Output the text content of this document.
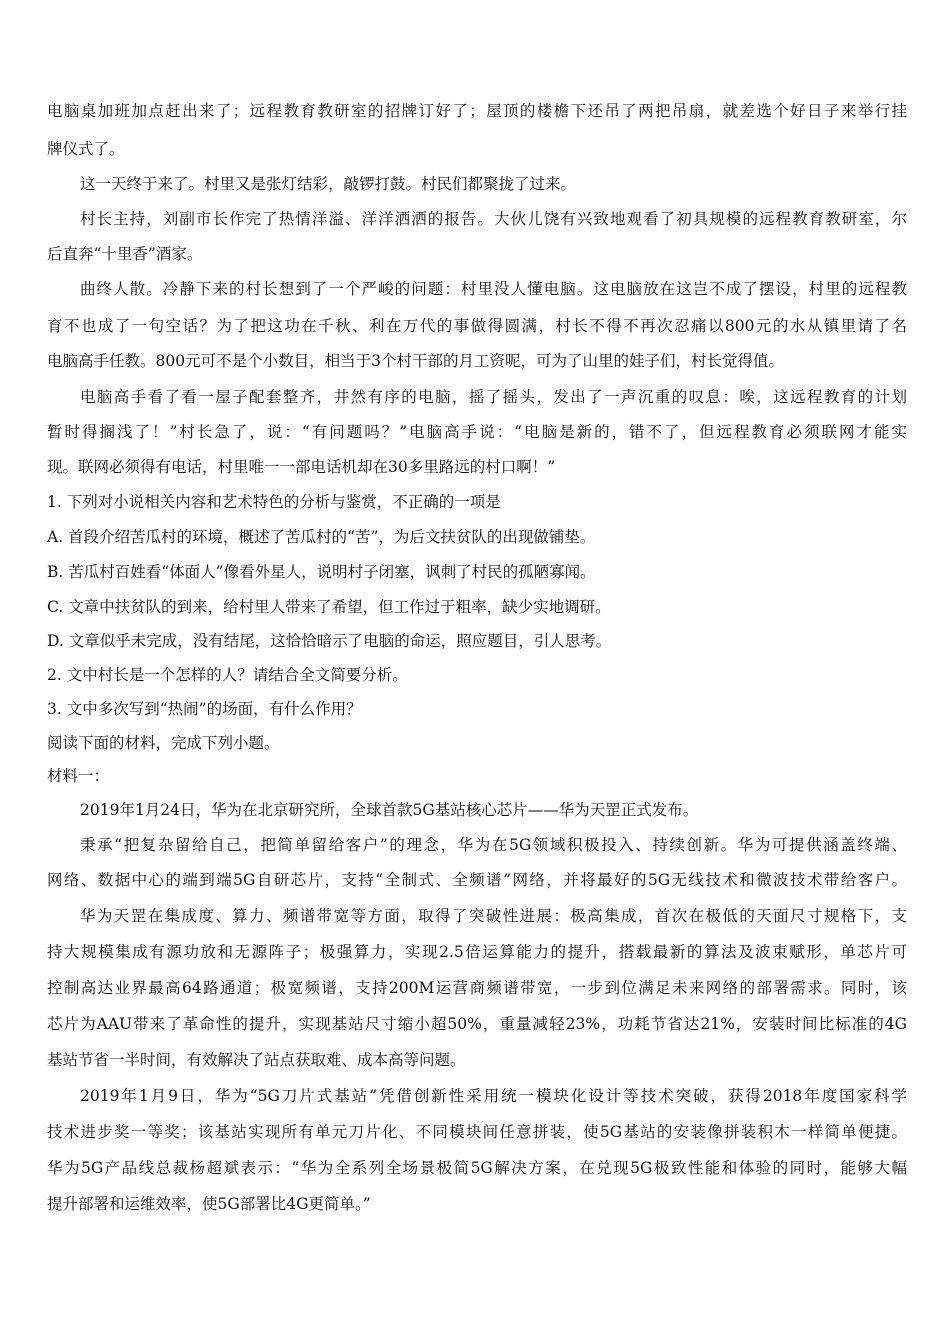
电脑桌加班加点赶出来了；远程教育教研室的招牌订好了；屋顶的楼檐下还吊了两把吊扇，就差选个好日子来举行挂
牌仪式了。
这一天终于来了。村里又是张灯结彩，敲锣打鼓。村民们都聚拢了过来。
村长主持，刘副市长作完了热情洋溢、洋洋洒洒的报告。大伙儿饶有兴致地观看了初具规模的远程教育教研室，尔
后直奔“十里香”酒家。
曲终人散。冷静下来的村长想到了一个严峻的问题：村里没人懂电脑。这电脑放在这岂不成了摆设，村里的远程教
育不也成了一句空话？为了把这功在千秋、利在万代的事做得圆满，村长不得不再次忍痛以800元的水从镇里请了名
电脑高手任教。800元可不是个小数目，相当于3个村干部的月工资呢，可为了山里的娃子们，村长觉得值。
电脑高手看了看一屋子配套整齐，井然有序的电脑，摇了摇头，发出了一声沉重的叹息：唉，这远程教育的计划
暂时得搁浅了！”村长急了，说：“有问题吗？”电脑高手说：“电脑是新的，错不了，但远程教育必须联网才能实
现。联网必须得有电话，村里唯一一部电话机却在30多里路远的村口啊！”
1. 下列对小说相关内容和艺术特色的分析与鉴赏，不正确的一项是
A. 首段介绍苦瓜村的环境，概述了苦瓜村的“苦”，为后文扶贫队的出现做铺垫。
B. 苦瓜村百姓看“体面人”像看外星人，说明村子闭塞，讽刺了村民的孤陋寡闻。
C. 文章中扶贫队的到来，给村里人带来了希望，但工作过于粗率，缺少实地调研。
D. 文章似乎未完成，没有结尾，这恰恰暗示了电脑的命运，照应题目，引人思考。
2. 文中村长是一个怎样的人？请结合全文简要分析。
3. 文中多次写到“热闹”的场面，有什么作用？
阅读下面的材料，完成下列小题。
材料一：
2019年1月24日，华为在北京研究所，全球首款5G基站核心芯片——华为天罡正式发布。
秉承“把复杂留给自己，把简单留给客户”的理念，华为在5G领域积极投入、持续创新。华为可提供涵盖终端、
网络、数据中心的端到端5G自研芯片，支持“全制式、全频谱”网络，并将最好的5G无线技术和微波技术带给客户。
华为天罡在集成度、算力、频谱带宽等方面，取得了突破性进展：极高集成，首次在极低的天面尺寸规格下，支
持大规模集成有源功放和无源阵子；极强算力，实现2.5倍运算能力的提升，搭载最新的算法及波束赋形，单芯片可
控制高达业界最高64路通道；极宽频谱，支持200M运营商频谱带宽，一步到位满足未来网络的部署需求。同时，该
芯片为AAU带来了革命性的提升，实现基站尺寸缩小超50%，重量减轻23%，功耗节省达21%，安装时间比标准的4G
基站节省一半时间，有效解决了站点获取难、成本高等问题。
2019年1月9日，华为“5G刀片式基站”凭借创新性采用统一模块化设计等技术突破，获得2018年度国家科学
技术进步奖一等奖；该基站实现所有单元刀片化、不同模块间任意拼装，使5G基站的安装像拼装积木一样简单便捷。
华为5G产品线总裁杨超斌表示：“华为全系列全场景极简5G解决方案，在兑现5G极致性能和体验的同时，能够大幅
提升部署和运维效率，使5G部署比4G更简单。”
